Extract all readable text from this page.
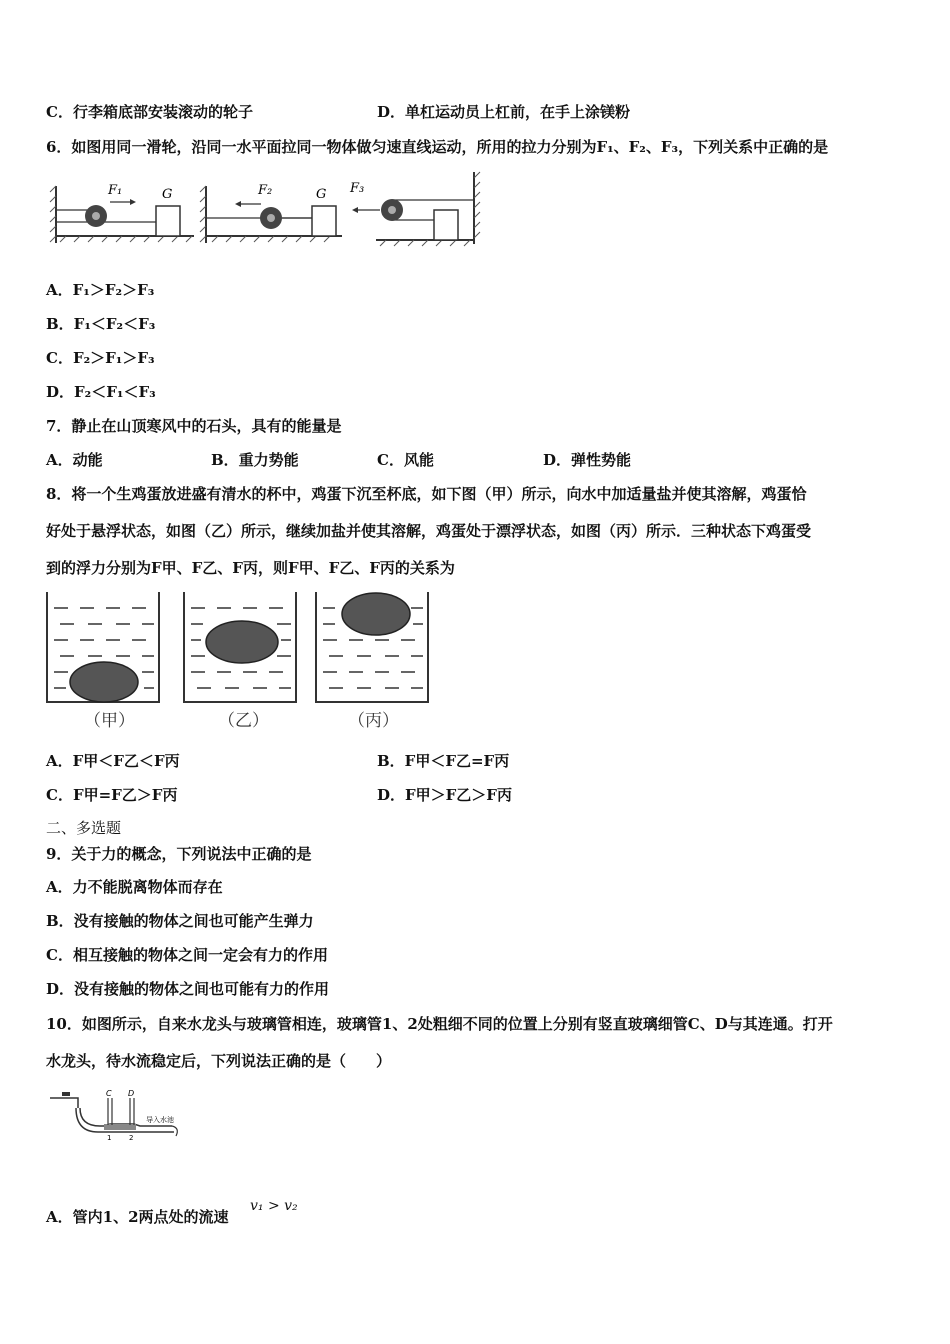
C．行李箱底部安装滚动的轮子	D．单杠运动员上杠前，在手上涂镁粉
6．如图用同一滑轮，沿同一水平面拉同一物体做匀速直线运动，所用的拉力分别为F₁、F₂、F₃，下列关系中正确的是
F₁	G	F₂	G F₃
A．F₁＞F₂＞F₃
B．F₁＜F₂＜F₃
C．F₂＞F₁＞F₃
D．F₂＜F₁＜F₃
7．静止在山顶寒风中的石头，具有的能量是
A．动能	B．重力势能	C．风能	D．弹性势能
8．将一个生鸡蛋放进盛有清水的杯中，鸡蛋下沉至杯底，如下图（甲）所示，向水中加适量盐并使其溶解，鸡蛋恰
好处于悬浮状态，如图（乙）所示，继续加盐并使其溶解，鸡蛋处于漂浮状态，如图（丙）所示．三种状态下鸡蛋受
到的浮力分别为F甲、F乙、F丙，则F甲、F乙、F丙的关系为
（甲）	（乙）	（丙）
A．F甲＜F乙＜F丙	B．F甲＜F乙=F丙
C．F甲=F乙＞F丙	D．F甲＞F乙＞F丙
二、多选题
9．关于力的概念，下列说法中正确的是
A．力不能脱离物体而存在
B．没有接触的物体之间也可能产生弹力
C．相互接触的物体之间一定会有力的作用
D．没有接触的物体之间也可能有力的作用
10．如图所示，自来水龙头与玻璃管相连，玻璃管1、2处粗细不同的位置上分别有竖直玻璃细管C、D与其连通。打开
水龙头，待水流稳定后，下列说法正确的是（　　）
C D
1	2
导入水池
A．管内1、2两点处的流速
v₁ > v₂
